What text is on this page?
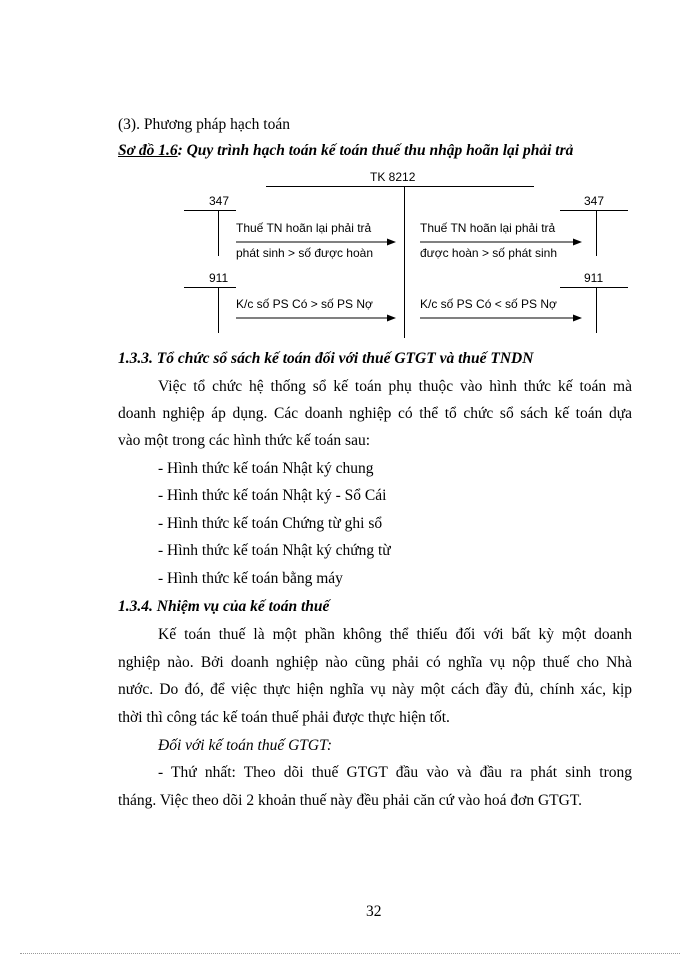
(3). Phương pháp hạch toán
Sơ đồ 1.6: Quy trình hạch toán kế toán thuế thu nhập hoãn lại phải trả
TK 8212
347	347
911	911
Thuế TN hoãn lại phải trả
phát sinh > số được hoàn
Thuế TN hoãn lại phải trả
được hoàn > số phát sinh
K/c số PS Có > số PS Nợ	K/c số PS Có < số PS Nợ
1.3.3. Tổ chức sổ sách kế toán đối với thuế GTGT và thuế TNDN
Việc tổ chức hệ thống sổ kế toán phụ thuộc vào hình thức kế toán mà
doanh nghiệp áp dụng. Các doanh nghiệp có thể tổ chức sổ sách kế toán dựa
vào một trong các hình thức kế toán sau:
- Hình thức kế toán Nhật ký chung
- Hình thức kế toán Nhật ký - Sổ Cái
- Hình thức kế toán Chứng từ ghi sổ
- Hình thức kế toán Nhật ký chứng từ
- Hình thức kế toán bằng máy
1.3.4. Nhiệm vụ của kế toán thuế
Kế toán thuế là một phần không thể thiếu đối với bất kỳ một doanh
nghiệp nào. Bởi doanh nghiệp nào cũng phải có nghĩa vụ nộp thuế cho Nhà
nước. Do đó, để việc thực hiện nghĩa vụ này một cách đầy đủ, chính xác, kịp
thời thì công tác kế toán thuế phải được thực hiện tốt.
Đối với kế toán thuế GTGT:
- Thứ nhất: Theo dõi thuế GTGT đầu vào và đầu ra phát sinh trong
tháng. Việc theo dõi 2 khoản thuế này đều phải căn cứ vào hoá đơn GTGT.
32
